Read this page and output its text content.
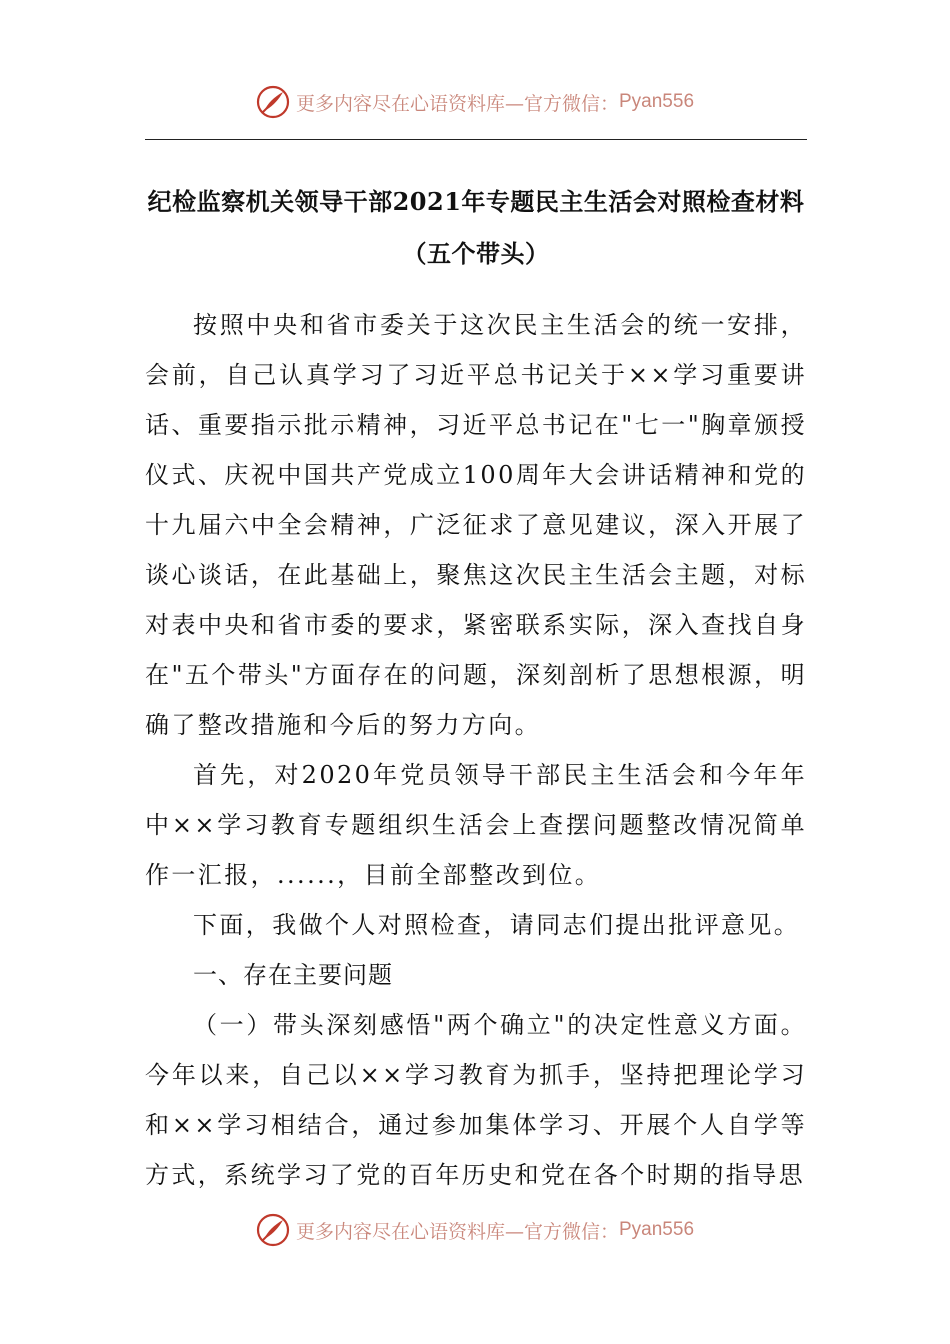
更多内容尽在心语资料库—官方微信： Pyan556
纪检监察机关领导干部2021年专题民主生活会对照检查材料（五个带头）

按照中央和省市委关于这次民主生活会的统一安排，会前，自己认真学习了习近平总书记关于××学习重要讲话、重要指示批示精神，习近平总书记在"七一"胸章颁授仪式、庆祝中国共产党成立100周年大会讲话精神和党的十九届六中全会精神，广泛征求了意见建议，深入开展了谈心谈话，在此基础上，聚焦这次民主生活会主题，对标对表中央和省市委的要求，紧密联系实际，深入查找自身在"五个带头"方面存在的问题，深刻剖析了思想根源，明确了整改措施和今后的努力方向。

首先，对2020年党员领导干部民主生活会和今年年中××学习教育专题组织生活会上查摆问题整改情况简单作一汇报，......，目前全部整改到位。

下面，我做个人对照检查，请同志们提出批评意见。

一、存在主要问题

（一）带头深刻感悟"两个确立"的决定性意义方面。今年以来，自己以××学习教育为抓手，坚持把理论学习和××学习相结合，通过参加集体学习、开展个人自学等方式，系统学习了党的百年历史和党在各个时期的指导思

更多内容尽在心语资料库—官方微信： Pyan556
